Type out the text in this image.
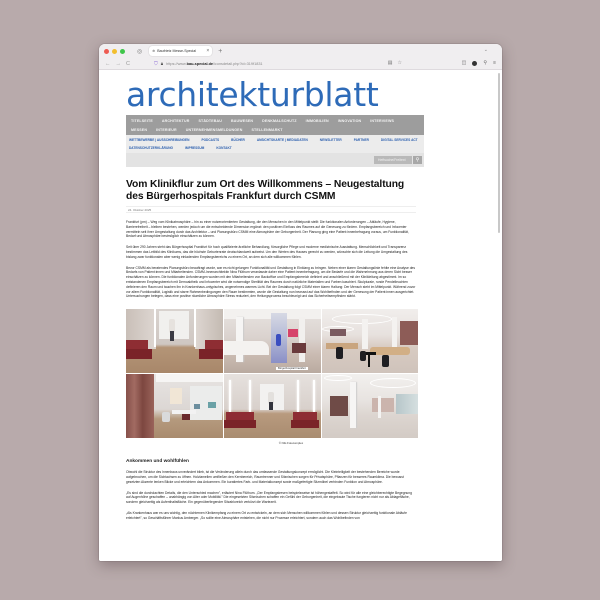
◎	⊕ Baufrietz Messe-Special	× +	⌄
← → C	⛉ 🔒︎ https://www.bau-special.de/iconsdetail.php?id=319f1831	▤ ☆	◫	⚲ ≡
architekturblatt
TITELSEITE	ARCHITEKTUR	STÄDTEBAU	BAUWESEN	DENKMALSCHUTZ	IMMOBILIEN	INNOVATION	INTERVIEWS
MESSEN	INTERIEUR	UNTERNEHMENSMELDUNGEN	STELLENMARKT
WETTBEWERBE | AUSSCHREIBUNGEN	PODCASTS	BÜCHER	ANSICHTSKARTE | MEDIADATEN	NEWSLETTER	PARTNER	DIGITAL SERVICES ACT
DATENSCHUTZERKLÄRUNG	IMPRESSUM	KONTAKT
Heftsuche/Freitext
⚲
Vom Klinikflur zum Ort des Willkommens – Neugestaltung des Bürgerhospitals Frankfurt durch CSMM
24. Oktober 2025

Frankfurt (pm) – Weg vom Klinikatmosphäre – hin zu einer nutzerorientierten Gestaltung, die den Menschen in den Mittelpunkt stellt: Die funktionalen Anforderungen – Abläufe, Hygiene, Barrierefreiheit – bleiben bestehen, werden jedoch um die entscheidende Dimension ergänzt: den positiven Einfluss des Raumes auf die Genesung zu fördern. Empfangsbereich und Infocenter vermitteln seit ihrer Umgestaltung durch das Architektur – und Planungsbüro CSMM eine Atmosphäre der Geborgenheit. Der Planung ging eine Patient:innenbefragung voraus, um Funktionalität, Bedarf und Atmosphäre bestmöglich einschätzen zu können.

Seit über 290 Jahren steht das Bürgerhospital Frankfurt für hoch qualifizierte ärztliche Behandlung, fürsorgliche Pflege und moderne medizinische Ausstattung. Menschlichkeit und Transparenz bestimmen das Leitbild des Klinikums, das die höchste Geburtenrate deutschlandweit aufweist. Um den Werten des Hauses gerecht zu werden, wünschte sich die Leitung die Umgestaltung des bislang zwar funktionalen aber wenig einladenden Empfangsbereichs zu einem Ort, an dem sich alle willkommen fühlen.

Bevor CSMM als beratendes Planungsbüro beauftragt wurde, war es nicht gelungen Funktionalität und Gestaltung in Einklang zu bringen. Neben einer klaren Gestaltungslinie fehlte eine Analyse des Bedarfs von Patient:innen und Mitarbeitenden. CSMM-Innenarchitektin Nina Flüthum veranlasste daher eine Patient:innenbefragung, um die Bedarfe und die Wahrnehmung aus deren Sicht besser einschätzen zu können. Die funktionalen Anforderungen wurden mit den Mitarbeitenden von Backoffice und Empfangsbereich definiert und anschließend mit der Klinikleitung abgestimmt. Im so entstandenen Empfangsbereich mit Demoaktheik und Infocenter wird die notwendige Sterilität des Raumes durch natürliche Materialien und Farben kaschiert. Skulpturale, runde Pendelleuchten definieren den Raum und tauchen ihn in Krankenhaus-untypisches, angenehmes warmes Licht. Bei der Gestaltung folgt CSMM einer klaren Haltung: Der Mensch steht im Mittelpunkt. Während zuvor vor allem Funktionalität, Logistik und starre Rahmenbedingungen den Raum bestimmten, wurde die Gestaltung nun bewusst auf das Wohlbefinden und der Genesung der Patient:innen ausgerichtet. Untersuchungen belegen, dass eine positive räumliche Atmosphäre Stress reduziert, den Heilungsprozess beschleunigt und das Sicherheitsempfinden stärkt.

Bürgerhospital Frankfurt
© Nils Fotocomplex
Ankommen und wohlfühlen

Obwohl die Struktur des Innenbaus unverändert blieb, ist die Veränderung allein durch das umfassende Gestaltungskonzept ermöglicht. Die Kleinteiligkeit der bestehenden Bereiche wurde aufgebrochen, um die Sichtachsen zu öffnen. Holzlamellen umfließen den Kernbereich, Raumtrenner und Sitznischen sorgen für Privatsphäre, Pflanzen für besseres Raumklima. Die bewusst gesetzten Akzente lenken Blicke und erleichtern das Ankommen. Ein kuratiertes Farb- und Materialkonzept sowie maßgefertigte Sitzmöbel verbinden Funktion und Atmosphäre.

„Es sind die durchdachten Details, die den Unterschied machen", erläutert Nina Flüthum. „Der Empfangstresen beispielsweise ist höhengestaffelt. So wird für alle eine gleichberechtigte Begegnung auf Augenhöhe geschaffen – unabhängig von Alter oder Mobilität." Die eingesetzten Sitznischen schaffen ein Gefühl der Geborgenheit, die eingebaute Tische fungieren nicht nur als Ablagefläche, sondern gleichzeitig als Aufenthaltsfläche. Ein gegenüberliegender Sitzablorelch verkürzt die Wartezeit.

„Als Krankenhaus war es uns wichtig, den nüchternen Klinikempfang zu einem Ort zu entwickeln, an dem sich Menschen willkommen fühlen und dessen Struktur gleichzeitig funktionale Abläufe erleichtert", so Geschäftsführer Markus Amberger. „So sollte eine Atmosphäre entstehen, die nicht nur Prozesse erleichtert, sondern auch das Wohlbefinden von
